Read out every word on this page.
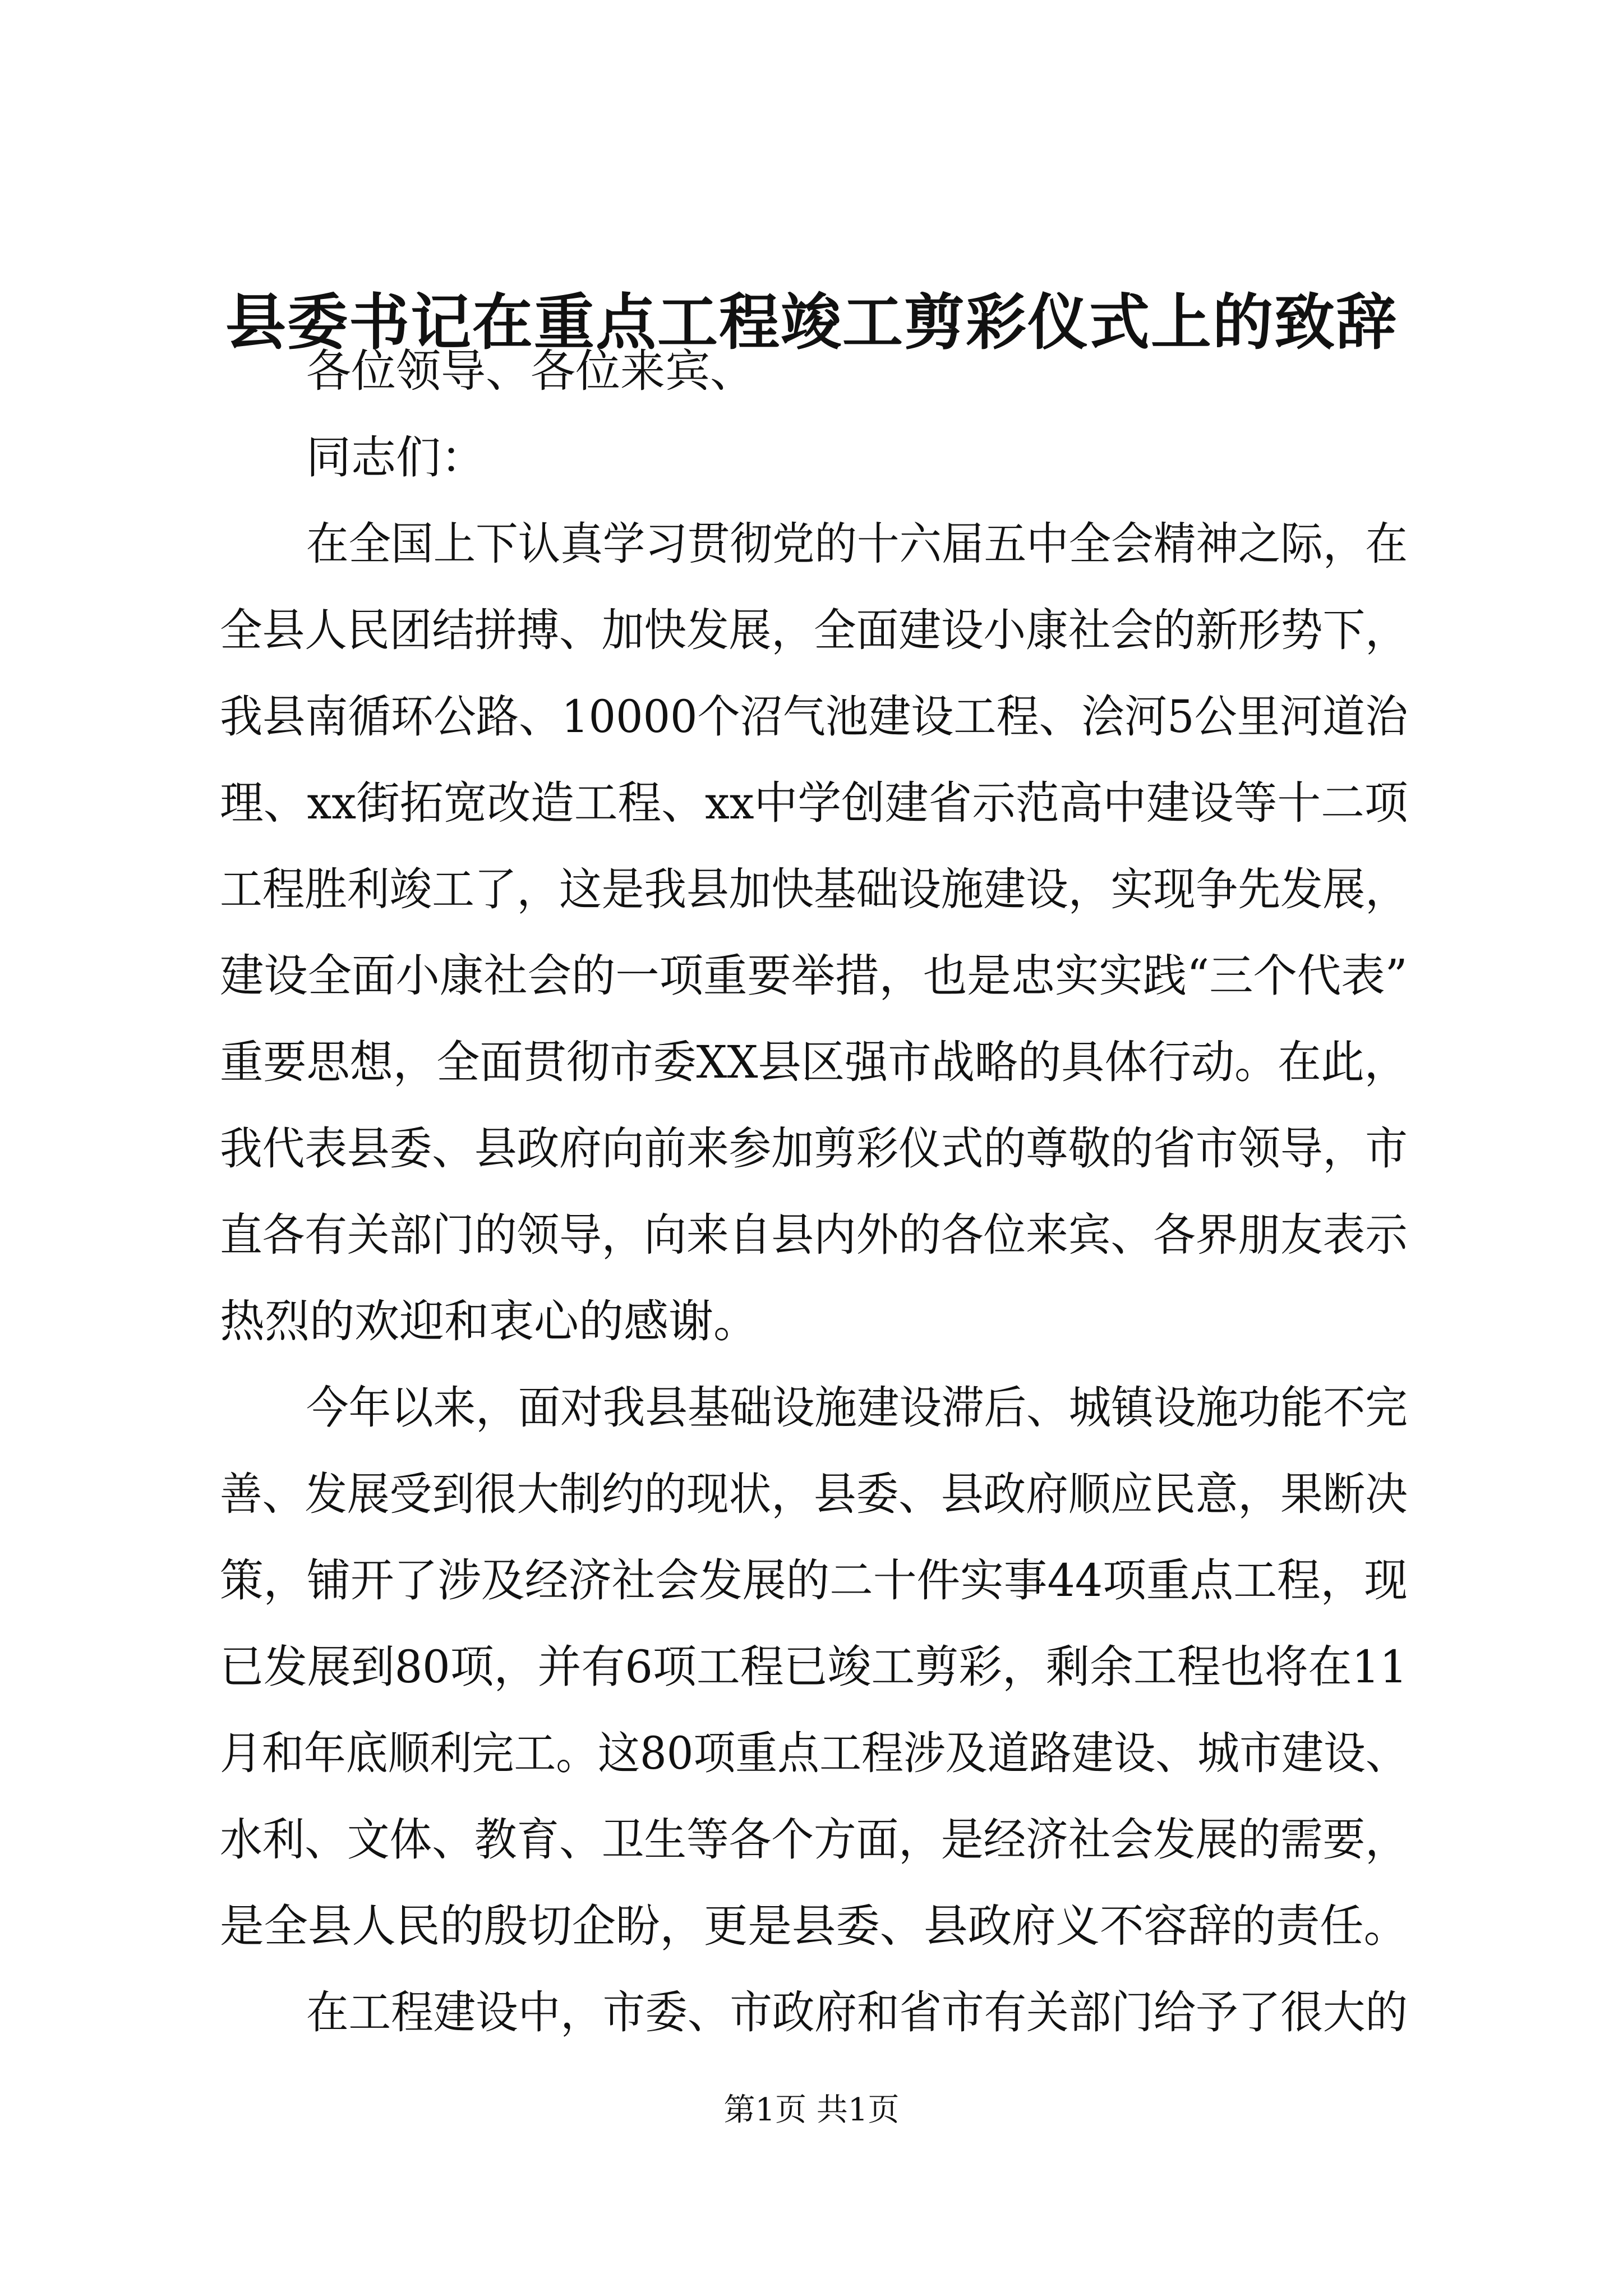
县委书记在重点工程竣工剪彩仪式上的致辞
各位领导、各位来宾、
同志们：
在全国上下认真学习贯彻党的十六届五中全会精神之际，在
全县人民团结拼搏、加快发展，全面建设小康社会的新形势下，
我县南循环公路、10000个沼气池建设工程、浍河5公里河道治
理、xx街拓宽改造工程、xx中学创建省示范高中建设等十二项
工程胜利竣工了，这是我县加快基础设施建设，实现争先发展，
建设全面小康社会的一项重要举措，也是忠实实践“三个代表”
重要思想，全面贯彻市委XX县区强市战略的具体行动。在此，
我代表县委、县政府向前来参加剪彩仪式的尊敬的省市领导，市
直各有关部门的领导，向来自县内外的各位来宾、各界朋友表示
热烈的欢迎和衷心的感谢。
今年以来，面对我县基础设施建设滞后、城镇设施功能不完
善、发展受到很大制约的现状，县委、县政府顺应民意，果断决
策，铺开了涉及经济社会发展的二十件实事44项重点工程，现
已发展到80项，并有6项工程已竣工剪彩，剩余工程也将在11
月和年底顺利完工。这80项重点工程涉及道路建设、城市建设、
水利、文体、教育、卫生等各个方面，是经济社会发展的需要，
是全县人民的殷切企盼，更是县委、县政府义不容辞的责任。
在工程建设中，市委、市政府和省市有关部门给予了很大的
第1页 共1页
